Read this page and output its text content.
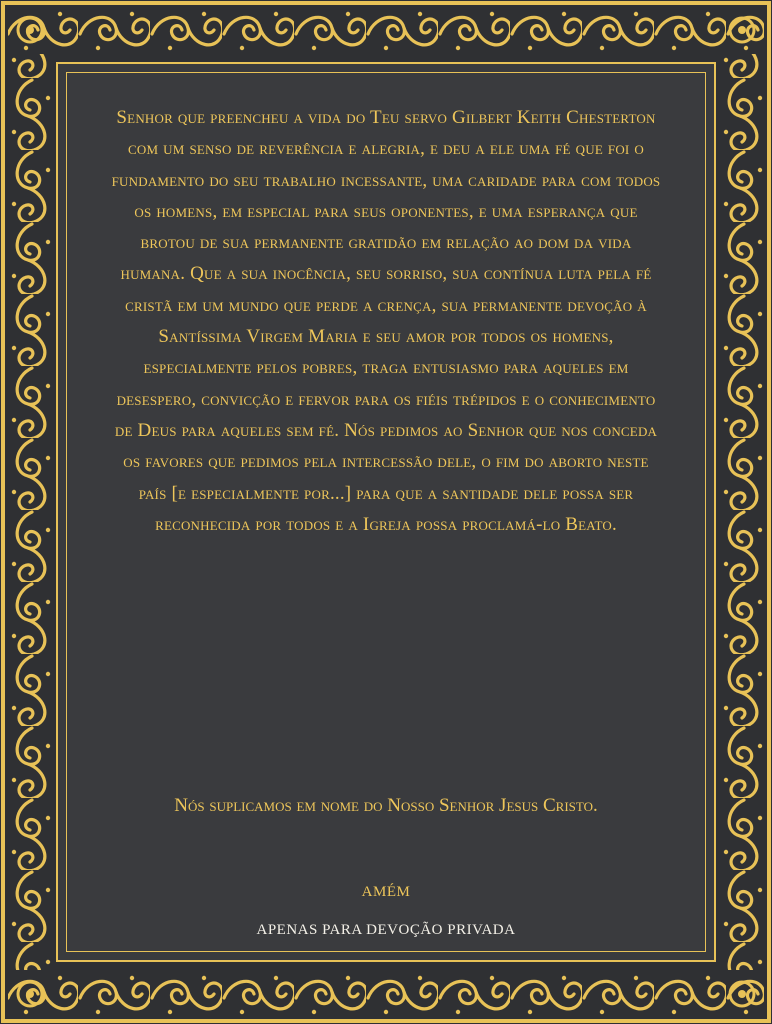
Senhor que preencheu a vida do Teu servo Gilbert Keith Chesterton com um senso de reverência e alegria, e deu a ele uma fé que foi o fundamento do seu trabalho incessante, uma caridade para com todos os homens, em especial para seus oponentes, e uma esperança que brotou de sua permanente gratidão em relação ao dom da vida humana. Que a sua inocência, seu sorriso, sua contínua luta pela fé cristã em um mundo que perde a crença, sua permanente devoção à Santíssima Virgem Maria e seu amor por todos os homens, especialmente pelos pobres, traga entusiasmo para aqueles em desespero, convicção e fervor para os fiéis trépidos e o conhecimento de Deus para aqueles sem fé. Nós pedimos ao Senhor que nos conceda os favores que pedimos pela intercessão dele, o fim do aborto neste país [e especialmente por...] para que a santidade dele possa ser reconhecida por todos e a Igreja possa proclamá-lo Beato.

Nós suplicamos em nome do Nosso Senhor Jesus Cristo.

AMÉM

APENAS PARA DEVOÇÃO PRIVADA
